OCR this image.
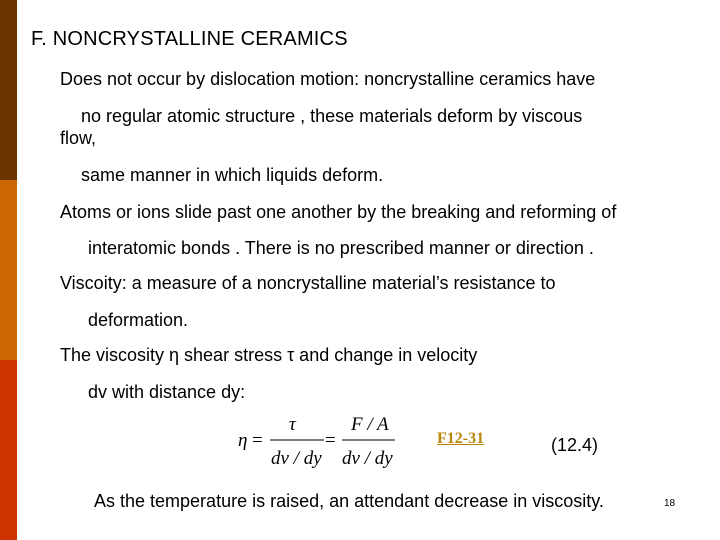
F. NONCRYSTALLINE CERAMICS
Does not occur by dislocation motion: noncrystalline ceramics have
no regular atomic structure , these materials deform by viscous
flow,
same manner in which liquids deform.
Atoms or ions slide past one another by the breaking and reforming of
interatomic bonds . There is no prescribed manner or direction .
Viscoity: a measure of a noncrystalline material’s resistance to
deformation.
The viscosity η shear stress τ and change in velocity
dv with distance dy:
η =
τ
dv / dy
=
F / A
dv / dy
F12-31	(12.4)
As the temperature is raised, an attendant decrease in viscosity.	18
